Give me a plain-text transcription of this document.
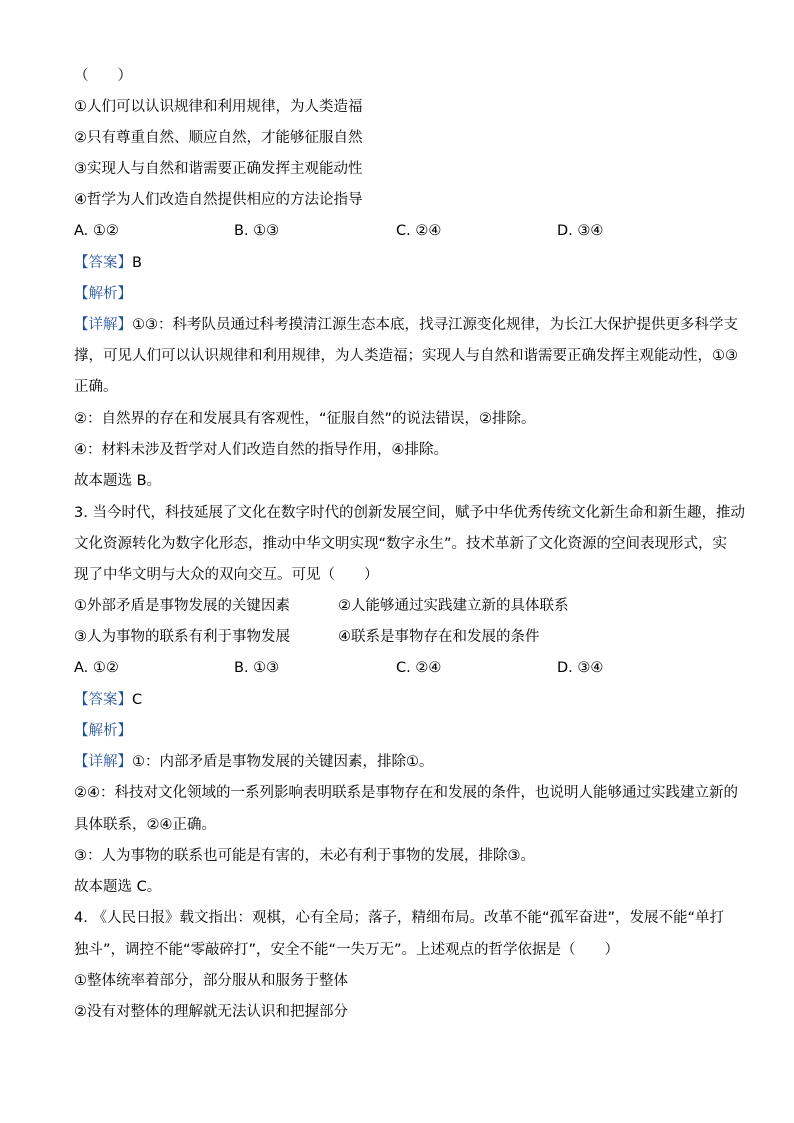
（　　）
①人们可以认识规律和利用规律，为人类造福
②只有尊重自然、顺应自然，才能够征服自然
③实现人与自然和谐需要正确发挥主观能动性
④哲学为人们改造自然提供相应的方法论指导
A. ①②	B. ①③	C. ②④	D. ③④
【答案】B
【解析】
【详解】①③：科考队员通过科考摸清江源生态本底，找寻江源变化规律，为长江大保护提供更多科学支
撑，可见人们可以认识规律和利用规律，为人类造福；实现人与自然和谐需要正确发挥主观能动性，①③
正确。
②：自然界的存在和发展具有客观性，“征服自然”的说法错误，②排除。
④：材料未涉及哲学对人们改造自然的指导作用，④排除。
故本题选 B。
3. 当今时代，科技延展了文化在数字时代的创新发展空间，赋予中华优秀传统文化新生命和新生趣，推动
文化资源转化为数字化形态，推动中华文明实现“数字永生”。技术革新了文化资源的空间表现形式，实
现了中华文明与大众的双向交互。可见（　　）
①外部矛盾是事物发展的关键因素	②人能够通过实践建立新的具体联系
③人为事物的联系有利于事物发展	④联系是事物存在和发展的条件
A. ①②	B. ①③	C. ②④	D. ③④
【答案】C
【解析】
【详解】①：内部矛盾是事物发展的关键因素，排除①。
②④：科技对文化领域的一系列影响表明联系是事物存在和发展的条件，也说明人能够通过实践建立新的
具体联系，②④正确。
③：人为事物的联系也可能是有害的，未必有利于事物的发展，排除③。
故本题选 C。
4. 《人民日报》载文指出：观棋，心有全局；落子，精细布局。改革不能“孤军奋进”，发展不能“单打
独斗”，调控不能“零敲碎打”，安全不能“一失万无”。上述观点的哲学依据是（　　）
①整体统率着部分，部分服从和服务于整体
②没有对整体的理解就无法认识和把握部分
